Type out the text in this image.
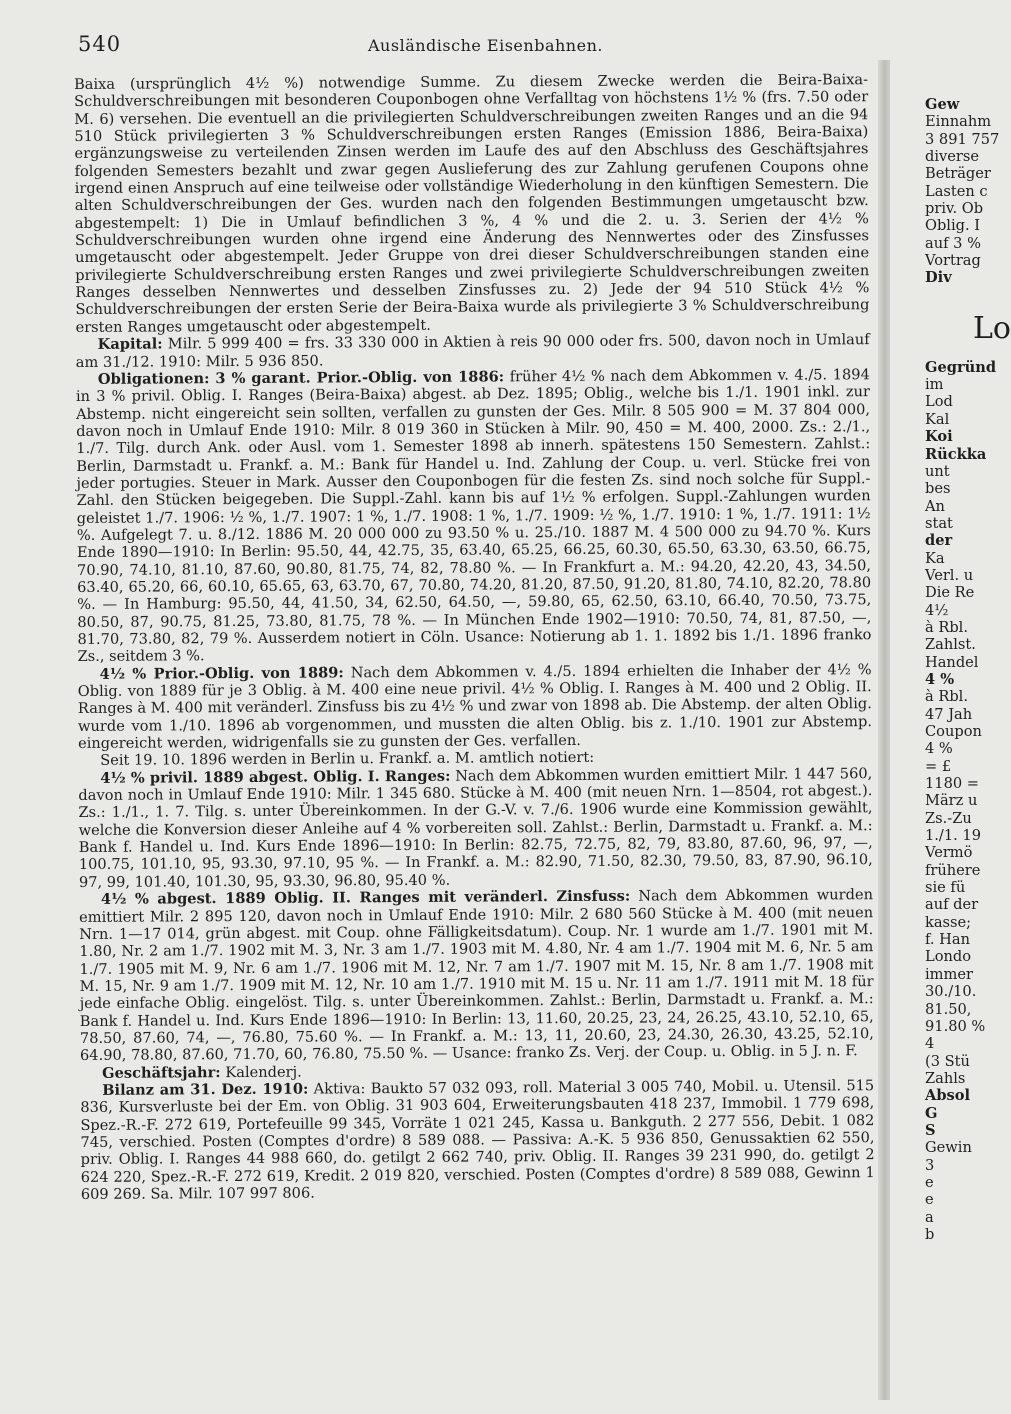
540	Ausländische Eisenbahnen.

Baixa (ursprünglich 4½ %) notwendige Summe. Zu diesem Zwecke werden die Beira-Baixa-Schuldverschreibungen mit besonderen Couponbogen ohne Verfalltag von höchstens 1½ % (frs. 7.50 oder M. 6) versehen. Die eventuell an die privilegierten Schuldverschreibungen zweiten Ranges und an die 94 510 Stück privilegierten 3 % Schuldverschreibungen ersten Ranges (Emission 1886, Beira-Baixa) ergänzungsweise zu verteilenden Zinsen werden im Laufe des auf den Abschluss des Geschäftsjahres folgenden Semesters bezahlt und zwar gegen Auslieferung des zur Zahlung gerufenen Coupons ohne irgend einen Anspruch auf eine teilweise oder vollständige Wiederholung in den künftigen Semestern. Die alten Schuldverschreibungen der Ges. wurden nach den folgenden Bestimmungen umgetauscht bzw. abgestempelt: 1) Die in Umlauf befindlichen 3 %, 4 % und die 2. u. 3. Serien der 4½ % Schuldverschreibungen wurden ohne irgend eine Änderung des Nennwertes oder des Zinsfusses umgetauscht oder abgestempelt. Jeder Gruppe von drei dieser Schuldverschreibungen standen eine privilegierte Schuldverschreibung ersten Ranges und zwei privilegierte Schuldverschreibungen zweiten Ranges desselben Nennwertes und desselben Zinsfusses zu. 2) Jede der 94 510 Stück 4½ % Schuldverschreibungen der ersten Serie der Beira-Baixa wurde als privilegierte 3 % Schuldverschreibung ersten Ranges umgetauscht oder abgestempelt.

Kapital: Milr. 5 999 400 = frs. 33 330 000 in Aktien à reis 90 000 oder frs. 500, davon noch in Umlauf am 31./12. 1910: Milr. 5 936 850.

Obligationen: 3 % garant. Prior.-Oblig. von 1886: früher 4½ % nach dem Abkommen v. 4./5. 1894 in 3 % privil. Oblig. I. Ranges (Beira-Baixa) abgest. ab Dez. 1895; Oblig., welche bis 1./1. 1901 inkl. zur Abstemp. nicht eingereicht sein sollten, verfallen zu gunsten der Ges. Milr. 8 505 900 = M. 37 804 000, davon noch in Umlauf Ende 1910: Milr. 8 019 360 in Stücken à Milr. 90, 450 = M. 400, 2000. Zs.: 2./1., 1./7. Tilg. durch Ank. oder Ausl. vom 1. Semester 1898 ab innerh. spätestens 150 Semestern. Zahlst.: Berlin, Darmstadt u. Frankf. a. M.: Bank für Handel u. Ind. Zahlung der Coup. u. verl. Stücke frei von jeder portugies. Steuer in Mark. Ausser den Couponbogen für die festen Zs. sind noch solche für Suppl.-Zahl. den Stücken beigegeben. Die Suppl.-Zahl. kann bis auf 1½ % erfolgen. Suppl.-Zahlungen wurden geleistet 1./7. 1906: ½ %, 1./7. 1907: 1 %, 1./7. 1908: 1 %, 1./7. 1909: ½ %, 1./7. 1910: 1 %, 1./7. 1911: 1½ %. Aufgelegt 7. u. 8./12. 1886 M. 20 000 000 zu 93.50 % u. 25./10. 1887 M. 4 500 000 zu 94.70 %. Kurs Ende 1890—1910: In Berlin: 95.50, 44, 42.75, 35, 63.40, 65.25, 66.25, 60.30, 65.50, 63.30, 63.50, 66.75, 70.90, 74.10, 81.10, 87.60, 90.80, 81.75, 74, 82, 78.80 %. — In Frankfurt a. M.: 94.20, 42.20, 43, 34.50, 63.40, 65.20, 66, 60.10, 65.65, 63, 63.70, 67, 70.80, 74.20, 81.20, 87.50, 91.20, 81.80, 74.10, 82.20, 78.80 %. — In Hamburg: 95.50, 44, 41.50, 34, 62.50, 64.50, —, 59.80, 65, 62.50, 63.10, 66.40, 70.50, 73.75, 80.50, 87, 90.75, 81.25, 73.80, 81.75, 78 %. — In München Ende 1902—1910: 70.50, 74, 81, 87.50, —, 81.70, 73.80, 82, 79 %. Ausserdem notiert in Cöln. Usance: Notierung ab 1. 1. 1892 bis 1./1. 1896 franko Zs., seitdem 3 %.

4½ % Prior.-Oblig. von 1889: Nach dem Abkommen v. 4./5. 1894 erhielten die Inhaber der 4½ % Oblig. von 1889 für je 3 Oblig. à M. 400 eine neue privil. 4½ % Oblig. I. Ranges à M. 400 und 2 Oblig. II. Ranges à M. 400 mit veränderl. Zinsfuss bis zu 4½ % und zwar von 1898 ab. Die Abstemp. der alten Oblig. wurde vom 1./10. 1896 ab vorgenommen, und mussten die alten Oblig. bis z. 1./10. 1901 zur Abstemp. eingereicht werden, widrigenfalls sie zu gunsten der Ges. verfallen.

Seit 19. 10. 1896 werden in Berlin u. Frankf. a. M. amtlich notiert:

4½ % privil. 1889 abgest. Oblig. I. Ranges: Nach dem Abkommen wurden emittiert Milr. 1 447 560, davon noch in Umlauf Ende 1910: Milr. 1 345 680. Stücke à M. 400 (mit neuen Nrn. 1—8504, rot abgest.). Zs.: 1./1., 1. 7. Tilg. s. unter Übereinkommen. In der G.-V. v. 7./6. 1906 wurde eine Kommission gewählt, welche die Konversion dieser Anleihe auf 4 % vorbereiten soll. Zahlst.: Berlin, Darmstadt u. Frankf. a. M.: Bank f. Handel u. Ind. Kurs Ende 1896—1910: In Berlin: 82.75, 72.75, 82, 79, 83.80, 87.60, 96, 97, —, 100.75, 101.10, 95, 93.30, 97.10, 95 %. — In Frankf. a. M.: 82.90, 71.50, 82.30, 79.50, 83, 87.90, 96.10, 97, 99, 101.40, 101.30, 95, 93.30, 96.80, 95.40 %.

4½ % abgest. 1889 Oblig. II. Ranges mit veränderl. Zinsfuss: Nach dem Abkommen wurden emittiert Milr. 2 895 120, davon noch in Umlauf Ende 1910: Milr. 2 680 560 Stücke à M. 400 (mit neuen Nrn. 1—17 014, grün abgest. mit Coup. ohne Fälligkeitsdatum). Coup. Nr. 1 wurde am 1./7. 1901 mit M. 1.80, Nr. 2 am 1./7. 1902 mit M. 3, Nr. 3 am 1./7. 1903 mit M. 4.80, Nr. 4 am 1./7. 1904 mit M. 6, Nr. 5 am 1./7. 1905 mit M. 9, Nr. 6 am 1./7. 1906 mit M. 12, Nr. 7 am 1./7. 1907 mit M. 15, Nr. 8 am 1./7. 1908 mit M. 15, Nr. 9 am 1./7. 1909 mit M. 12, Nr. 10 am 1./7. 1910 mit M. 15 u. Nr. 11 am 1./7. 1911 mit M. 18 für jede einfache Oblig. eingelöst. Tilg. s. unter Übereinkommen. Zahlst.: Berlin, Darmstadt u. Frankf. a. M.: Bank f. Handel u. Ind. Kurs Ende 1896—1910: In Berlin: 13, 11.60, 20.25, 23, 24, 26.25, 43.10, 52.10, 65, 78.50, 87.60, 74, —, 76.80, 75.60 %. — In Frankf. a. M.: 13, 11, 20.60, 23, 24.30, 26.30, 43.25, 52.10, 64.90, 78.80, 87.60, 71.70, 60, 76.80, 75.50 %. — Usance: franko Zs. Verj. der Coup. u. Oblig. in 5 J. n. F.

Geschäftsjahr: Kalenderj.

Bilanz am 31. Dez. 1910: Aktiva: Baukto 57 032 093, roll. Material 3 005 740, Mobil. u. Utensil. 515 836, Kursverluste bei der Em. von Oblig. 31 903 604, Erweiterungsbauten 418 237, Immobil. 1 779 698, Spez.-R.-F. 272 619, Portefeuille 99 345, Vorräte 1 021 245, Kassa u. Bankguth. 2 277 556, Debit. 1 082 745, verschied. Posten (Comptes d'ordre) 8 589 088. — Passiva: A.-K. 5 936 850, Genussaktien 62 550, priv. Oblig. I. Ranges 44 988 660, do. getilgt 2 662 740, priv. Oblig. II. Ranges 39 231 990, do. getilgt 2 624 220, Spez.-R.-F. 272 619, Kredit. 2 019 820, verschied. Posten (Comptes d'ordre) 8 589 088, Gewinn 1 609 269. Sa. Milr. 107 997 806.

Gew
Einnahm
3 891 757
diverse
Beträger
Lasten c
priv. Ob
Oblig. I
auf 3 %
Vortrag
Div
Lo
Gegründ
im
Lod
Kal
Koi
Rückka
unt
bes
An
stat
der
Ka
Verl. u
Die Re
4½
à Rbl.
Zahlst.
Handel
4 %
à Rbl.
47 Jah
Coupon
4 %
= £
1180 =
März u
Zs.-Zu
1./1. 19
Vermö
frühere
sie fü
auf der
kasse;
f. Han
Londo
immer
30./10.
81.50,
91.80 %
4
(3 Stü
Zahls
Absol
G
S
Gewin
3
e
e
a
b
